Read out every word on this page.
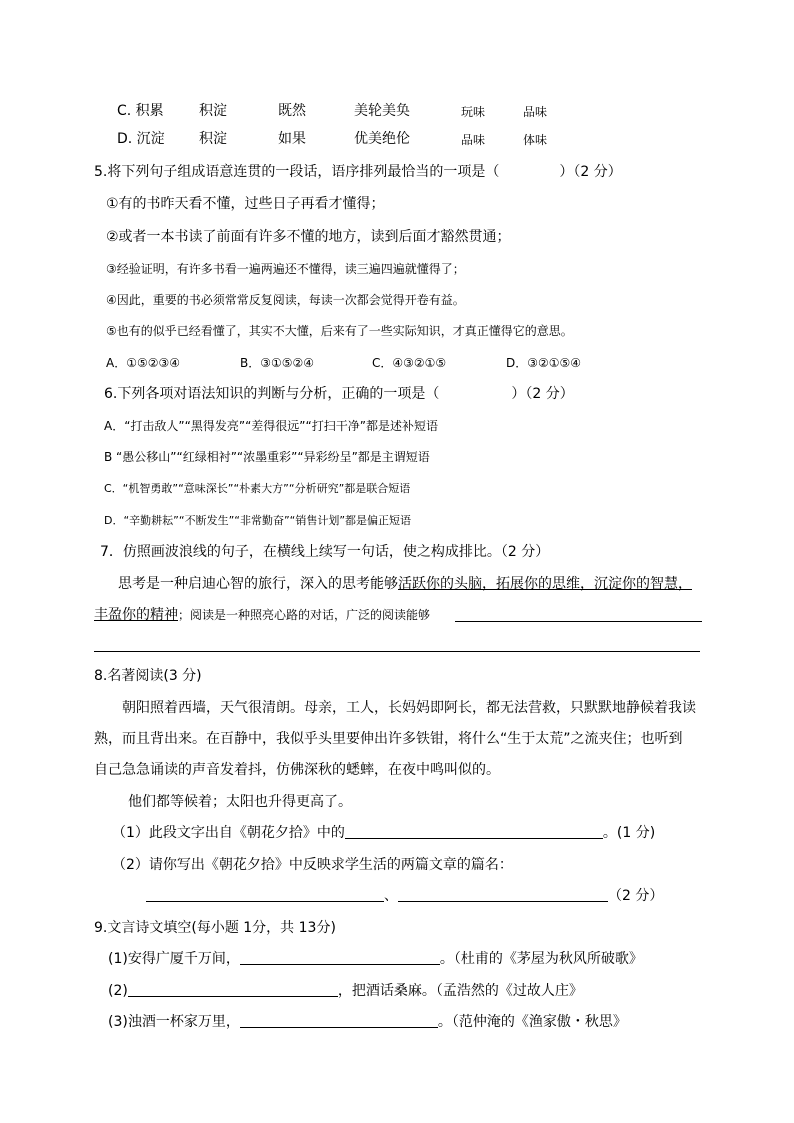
C. 积累	积淀	既然	美轮美奂	玩味	品味
D. 沉淀 积淀	如果	优美绝伦	品味	体味
5.将下列句子组成语意连贯的一段话，语序排列最恰当的一项是（	）（2 分）
①有的书昨天看不懂，过些日子再看才懂得；
②或者一本书读了前面有许多不懂的地方，读到后面才豁然贯通；
③经验证明，有许多书看一遍两遍还不懂得，读三遍四遍就懂得了；
④因此，重要的书必须常常反复阅读，每读一次都会觉得开卷有益。
⑤也有的似乎已经看懂了，其实不大懂，后来有了一些实际知识，才真正懂得它的意思。
A．①⑤②③④	B．③①⑤②④	C．④③②①⑤	D．③②①⑤④
6.下列各项对语法知识的判断与分析，正确的一项是（	）（2 分）
A．“打击敌人”“黑得发亮”“差得很远”“打扫干净”都是述补短语
B “愚公移山”“红绿相衬”“浓墨重彩”“异彩纷呈”都是主谓短语
C．“机智勇敢”“意味深长”“朴素大方”“分析研究”都是联合短语
D．“辛勤耕耘”“不断发生”“非常勤奋”“销售计划”都是偏正短语
7．仿照画波浪线的句子，在横线上续写一句话，使之构成排比。（2 分）
思考是一种启迪心智的旅行，深入的思考能够活跃你的头脑，拓展你的思维，沉淀你的智慧，
丰盈你的精神；阅读是一种照亮心路的对话，广泛的阅读能够
8.名著阅读(3 分)
朝阳照着西墙，天气很清朗。母亲，工人，长妈妈即阿长，都无法营救，只默默地静候着我读
熟，而且背出来。在百静中，我似乎头里要伸出许多铁钳，将什么“生于太荒”之流夹住；也听到
自己急急诵读的声音发着抖，仿佛深秋的蟋蟀，在夜中鸣叫似的。
他们都等候着；太阳也升得更高了。
（1）此段文字出自《朝花夕拾》中的	。(1 分)
（2）请你写出《朝花夕拾》中反映求学生活的两篇文章的篇名：
、	（2 分）
9.文言诗文填空(每小题 1分，共 13分)
(1)安得广厦千万间，	。（杜甫的《茅屋为秋风所破歌》
(2)	，把酒话桑麻。（孟浩然的《过故人庄》
(3)浊酒一杯家万里，	。（范仲淹的《渔家傲・秋思》
